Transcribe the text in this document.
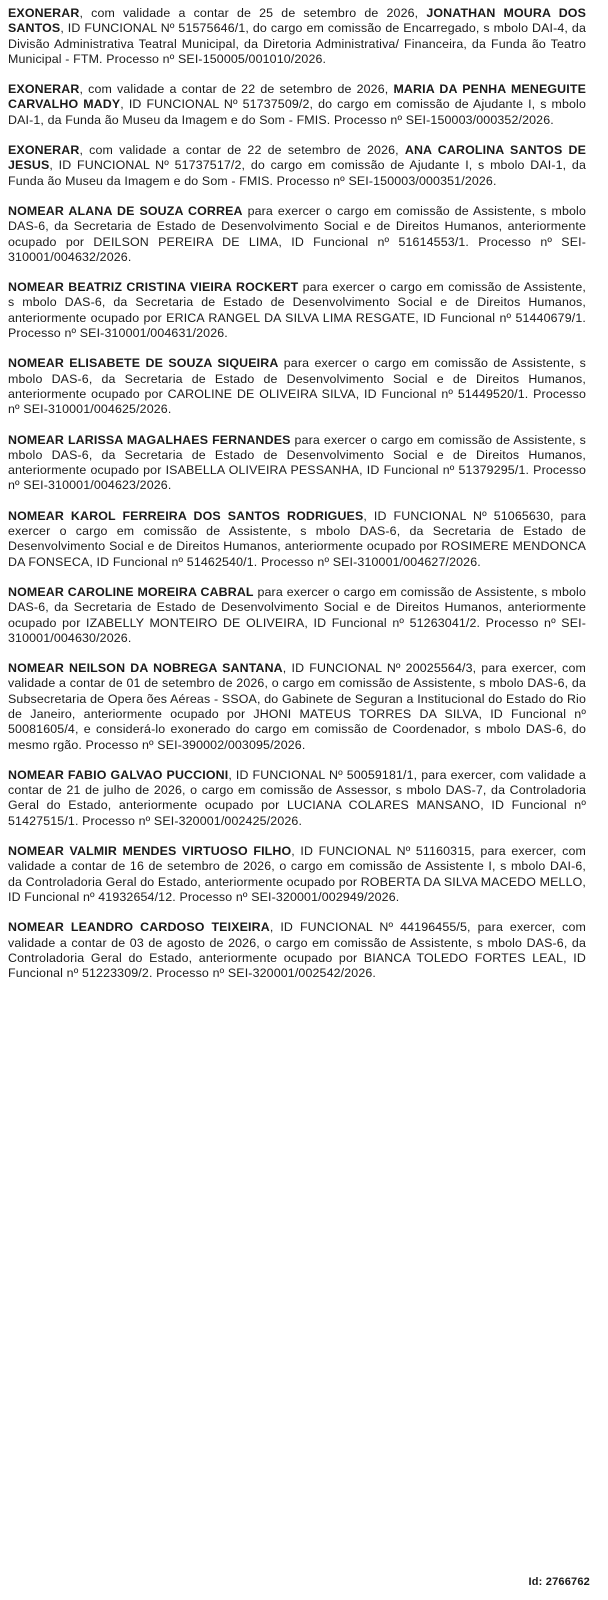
EXONERAR, com validade a contar de 25 de setembro de 2026, JONATHAN MOURA DOS SANTOS, ID FUNCIONAL Nº 51575646/1, do cargo em comissão de Encarregado, s mbolo DAI-4, da Divisão Administrativa Teatral Municipal, da Diretoria Administrativa/ Financeira, da Funda ão Teatro Municipal - FTM. Processo nº SEI-150005/001010/2026.

EXONERAR, com validade a contar de 22 de setembro de 2026, MARIA DA PENHA MENEGUITE CARVALHO MADY, ID FUNCIONAL Nº 51737509/2, do cargo em comissão de Ajudante I, s mbolo DAI-1, da Funda ão Museu da Imagem e do Som - FMIS. Processo nº SEI-150003/000352/2026.

EXONERAR, com validade a contar de 22 de setembro de 2026, ANA CAROLINA SANTOS DE JESUS, ID FUNCIONAL Nº 51737517/2, do cargo em comissão de Ajudante I, s mbolo DAI-1, da Funda ão Museu da Imagem e do Som - FMIS. Processo nº SEI-150003/000351/2026.

NOMEAR ALANA DE SOUZA CORREA para exercer o cargo em comissão de Assistente, s mbolo DAS-6, da Secretaria de Estado de Desenvolvimento Social e de Direitos Humanos, anteriormente ocupado por DEILSON PEREIRA DE LIMA, ID Funcional nº 51614553/1. Processo nº SEI-310001/004632/2026.

NOMEAR BEATRIZ CRISTINA VIEIRA ROCKERT para exercer o cargo em comissão de Assistente, s mbolo DAS-6, da Secretaria de Estado de Desenvolvimento Social e de Direitos Humanos, anteriormente ocupado por ERICA RANGEL DA SILVA LIMA RESGATE, ID Funcional nº 51440679/1. Processo nº SEI-310001/004631/2026.

NOMEAR ELISABETE DE SOUZA SIQUEIRA para exercer o cargo em comissão de Assistente, s mbolo DAS-6, da Secretaria de Estado de Desenvolvimento Social e de Direitos Humanos, anteriormente ocupado por CAROLINE DE OLIVEIRA SILVA, ID Funcional nº 51449520/1. Processo nº SEI-310001/004625/2026.

NOMEAR LARISSA MAGALHAES FERNANDES para exercer o cargo em comissão de Assistente, s mbolo DAS-6, da Secretaria de Estado de Desenvolvimento Social e de Direitos Humanos, anteriormente ocupado por ISABELLA OLIVEIRA PESSANHA, ID Funcional nº 51379295/1. Processo nº SEI-310001/004623/2026.

NOMEAR KAROL FERREIRA DOS SANTOS RODRIGUES, ID FUNCIONAL Nº 51065630, para exercer o cargo em comissão de Assistente, s mbolo DAS-6, da Secretaria de Estado de Desenvolvimento Social e de Direitos Humanos, anteriormente ocupado por ROSIMERE MENDONCA DA FONSECA, ID Funcional nº 51462540/1. Processo nº SEI-310001/004627/2026.

NOMEAR CAROLINE MOREIRA CABRAL para exercer o cargo em comissão de Assistente, s mbolo DAS-6, da Secretaria de Estado de Desenvolvimento Social e de Direitos Humanos, anteriormente ocupado por IZABELLY MONTEIRO DE OLIVEIRA, ID Funcional nº 51263041/2. Processo nº SEI-310001/004630/2026.

NOMEAR NEILSON DA NOBREGA SANTANA, ID FUNCIONAL Nº 20025564/3, para exercer, com validade a contar de 01 de setembro de 2026, o cargo em comissão de Assistente, s mbolo DAS-6, da Subsecretaria de Opera ões Aéreas - SSOA, do Gabinete de Seguran a Institucional do Estado do Rio de Janeiro, anteriormente ocupado por JHONI MATEUS TORRES DA SILVA, ID Funcional nº 50081605/4, e considerá-lo exonerado do cargo em comissão de Coordenador, s mbolo DAS-6, do mesmo rgão. Processo nº SEI-390002/003095/2026.

NOMEAR FABIO GALVAO PUCCIONI, ID FUNCIONAL Nº 50059181/1, para exercer, com validade a contar de 21 de julho de 2026, o cargo em comissão de Assessor, s mbolo DAS-7, da Controladoria Geral do Estado, anteriormente ocupado por LUCIANA COLARES MANSANO, ID Funcional nº 51427515/1. Processo nº SEI-320001/002425/2026.

NOMEAR VALMIR MENDES VIRTUOSO FILHO, ID FUNCIONAL Nº 51160315, para exercer, com validade a contar de 16 de setembro de 2026, o cargo em comissão de Assistente I, s mbolo DAI-6, da Controladoria Geral do Estado, anteriormente ocupado por ROBERTA DA SILVA MACEDO MELLO, ID Funcional nº 41932654/12. Processo nº SEI-320001/002949/2026.

NOMEAR LEANDRO CARDOSO TEIXEIRA, ID FUNCIONAL Nº 44196455/5, para exercer, com validade a contar de 03 de agosto de 2026, o cargo em comissão de Assistente, s mbolo DAS-6, da Controladoria Geral do Estado, anteriormente ocupado por BIANCA TOLEDO FORTES LEAL, ID Funcional nº 51223309/2. Processo nº SEI-320001/002542/2026.

Id: 2766762
